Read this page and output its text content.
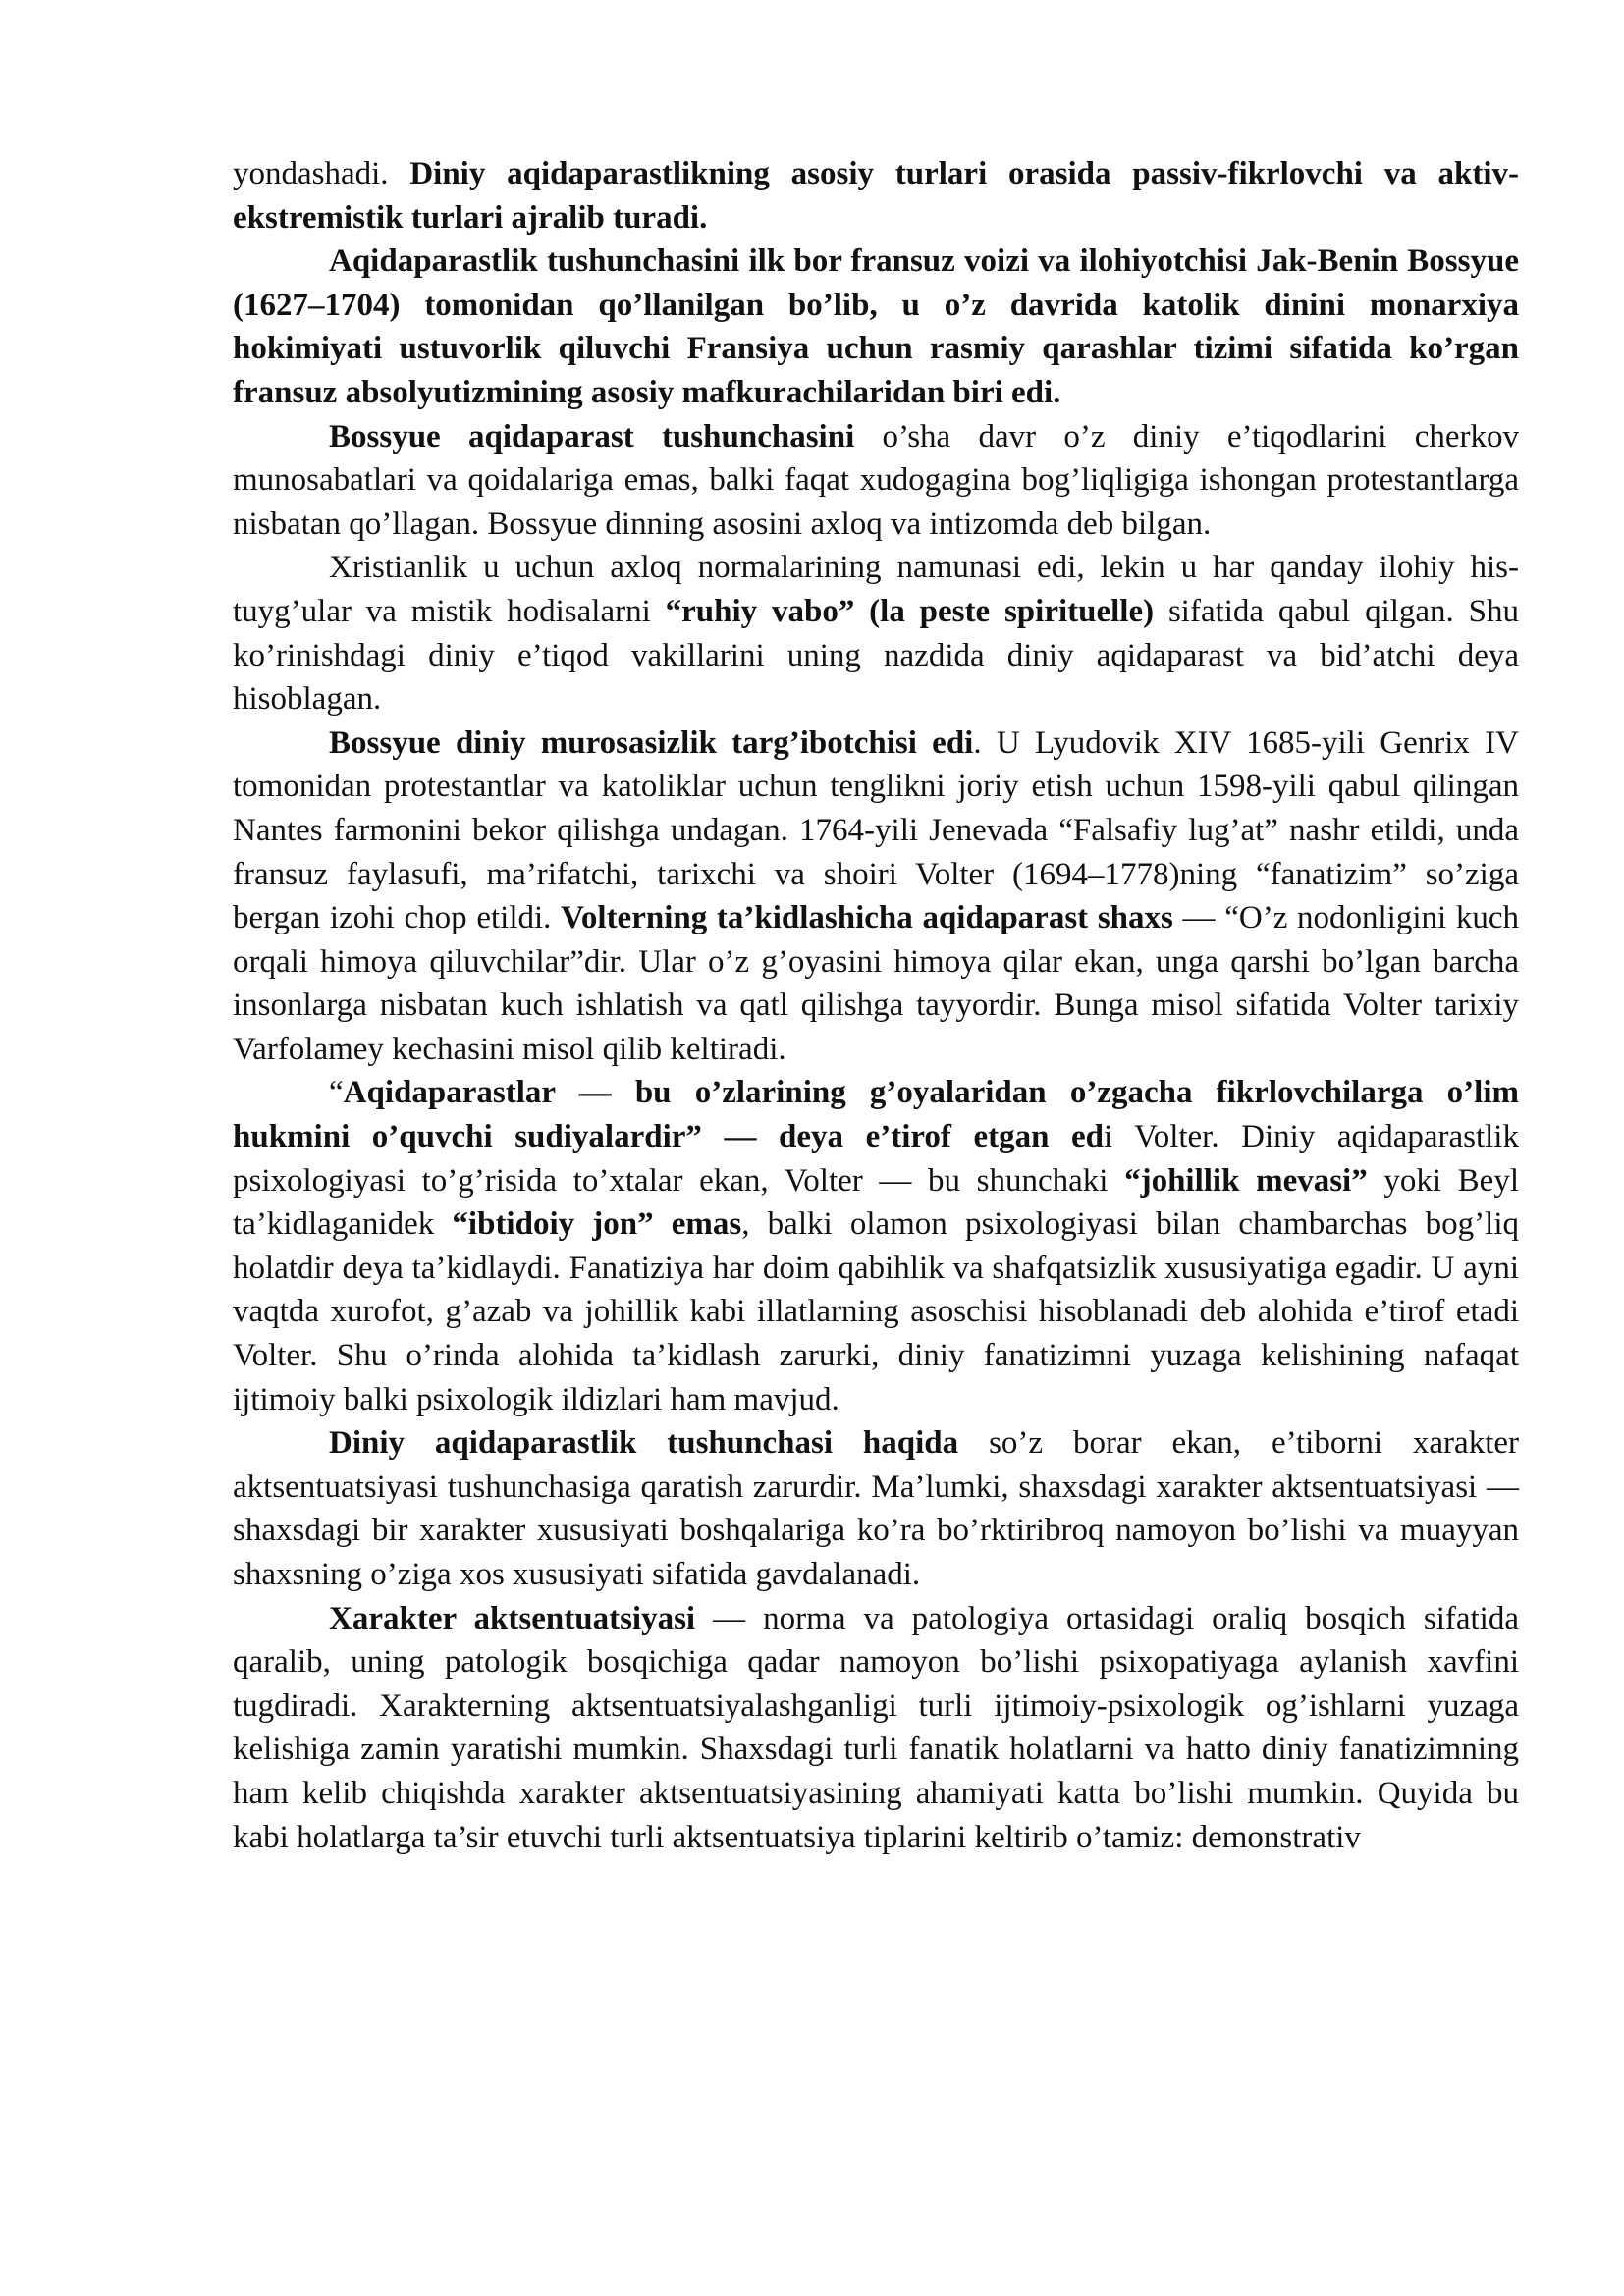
yondashadi. Diniy aqidaparastlikning asosiy turlari orasida passiv-fikrlovchi va aktiv-ekstremistik turlari ajralib turadi.

Aqidaparastlik tushunchasini ilk bor fransuz voizi va ilohiyotchisi Jak-Benin Bossyue (1627–1704) tomonidan qo’llanilgan bo’lib, u o’z davrida katolik dinini monarxiya hokimiyati ustuvorlik qiluvchi Fransiya uchun rasmiy qarashlar tizimi sifatida ko’rgan fransuz absolyutizmining asosiy mafkurachilaridan biri edi.

Bossyue aqidaparast tushunchasini o’sha davr o’z diniy e’tiqodlarini cherkov munosabatlari va qoidalariga emas, balki faqat xudogagina bog’liqligiga ishongan protestantlarga nisbatan qo’llagan. Bossyue dinning asosini axloq va intizomda deb bilgan.

Xristianlik u uchun axloq normalarining namunasi edi, lekin u har qanday ilohiy his-tuyg’ular va mistik hodisalarni “ruhiy vabo” (la peste spirituelle) sifatida qabul qilgan. Shu ko’rinishdagi diniy e’tiqod vakillarini uning nazdida diniy aqidaparast va bid’atchi deya hisoblagan.

Bossyue diniy murosasizlik targ’ibotchisi edi. U Lyudovik XIV 1685-yili Genrix IV tomonidan protestantlar va katoliklar uchun tenglikni joriy etish uchun 1598-yili qabul qilingan Nantes farmonini bekor qilishga undagan. 1764-yili Jenevada “Falsafiy lug’at” nashr etildi, unda fransuz faylasufi, ma’rifatchi, tarixchi va shoiri Volter (1694–1778)ning “fanatizim” so’ziga bergan izohi chop etildi. Volterning ta’kidlashicha aqidaparast shaxs — “O’z nodonligini kuch orqali himoya qiluvchilar”dir. Ular o’z g’oyasini himoya qilar ekan, unga qarshi bo’lgan barcha insonlarga nisbatan kuch ishlatish va qatl qilishga tayyordir. Bunga misol sifatida Volter tarixiy Varfolamey kechasini misol qilib keltiradi.

“Aqidaparastlar — bu o’zlarining g’oyalaridan o’zgacha fikrlovchilarga o’lim hukmini o’quvchi sudiyalardir” — deya e’tirof etgan edi Volter. Diniy aqidaparastlik psixologiyasi to’g’risida to’xtalar ekan, Volter — bu shunchaki “johillik mevasi” yoki Beyl ta’kidlaganidek “ibtidoiy jon” emas, balki olamon psixologiyasi bilan chambarchas bog’liq holatdir deya ta’kidlaydi. Fanatiziya har doim qabihlik va shafqatsizlik xususiyatiga egadir. U ayni vaqtda xurofot, g’azab va johillik kabi illatlarning asoschisi hisoblanadi deb alohida e’tirof etadi Volter. Shu o’rinda alohida ta’kidlash zarurki, diniy fanatizimni yuzaga kelishining nafaqat ijtimoiy balki psixologik ildizlari ham mavjud.

Diniy aqidaparastlik tushunchasi haqida so’z borar ekan, e’tiborni xarakter aktsentuatsiyasi tushunchasiga qaratish zarurdir. Ma’lumki, shaxsdagi xarakter aktsentuatsiyasi — shaxsdagi bir xarakter xususiyati boshqalariga ko’ra bo’rktiribroq namoyon bo’lishi va muayyan shaxsning o’ziga xos xususiyati sifatida gavdalanadi.

Xarakter aktsentuatsiyasi — norma va patologiya ortasidagi oraliq bosqich sifatida qaralib, uning patologik bosqichiga qadar namoyon bo’lishi psixopatiyaga aylanish xavfini tugdiradi. Xarakterning aktsentuatsiyalashganligi turli ijtimoiy-psixologik og’ishlarni yuzaga kelishiga zamin yaratishi mumkin. Shaxsdagi turli fanatik holatlarni va hatto diniy fanatizimning ham kelib chiqishda xarakter aktsentuatsiyasining ahamiyati katta bo’lishi mumkin. Quyida bu kabi holatlarga ta’sir etuvchi turli aktsentuatsiya tiplarini keltirib o’tamiz: demonstrativ
